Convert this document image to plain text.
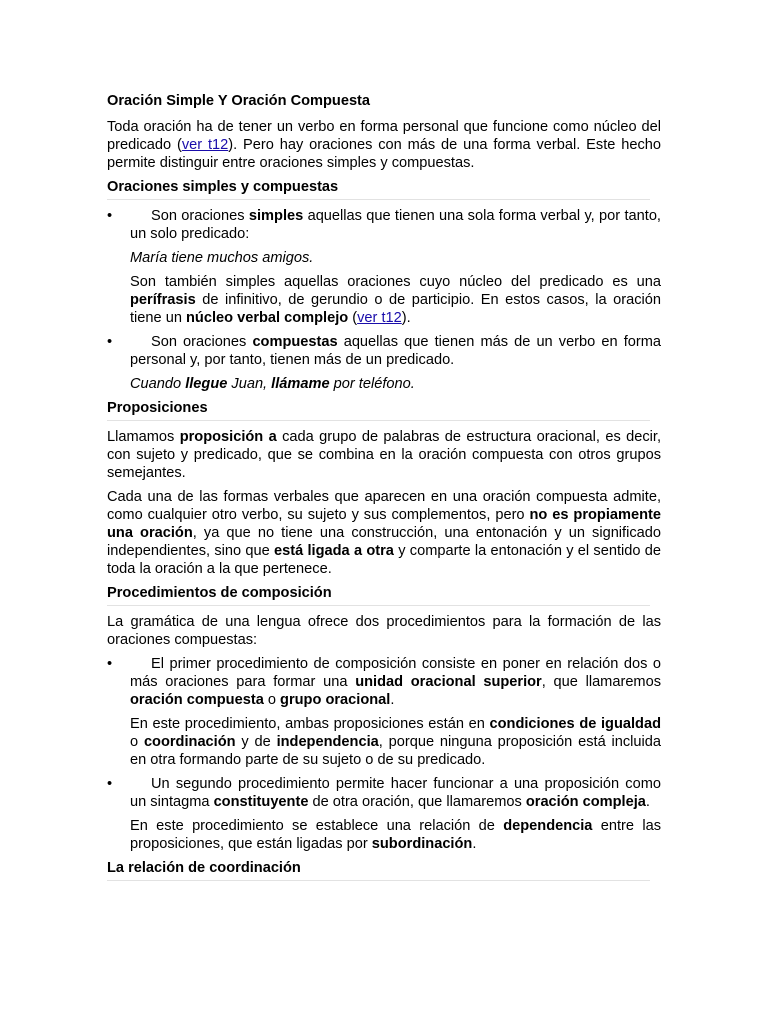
Oración Simple Y Oración Compuesta

Toda oración ha de tener un verbo en forma personal que funcione como núcleo del predicado (ver t12). Pero hay oraciones con más de una forma verbal. Este hecho permite distinguir entre oraciones simples y compuestas.

Oraciones simples y compuestas
•	Son oraciones simples aquellas que tienen una sola forma verbal y, por tanto, un solo predicado:

María tiene muchos amigos.

Son también simples aquellas oraciones cuyo núcleo del predicado es una perífrasis de infinitivo, de gerundio o de participio. En estos casos, la oración tiene un núcleo verbal complejo (ver t12).

•	Son oraciones compuestas aquellas que tienen más de un verbo en forma personal y, por tanto, tienen más de un predicado.

Cuando llegue Juan, llámame por teléfono.

Proposiciones

Llamamos proposición a cada grupo de palabras de estructura oracional, es decir, con sujeto y predicado, que se combina en la oración compuesta con otros grupos semejantes.

Cada una de las formas verbales que aparecen en una oración compuesta admite, como cualquier otro verbo, su sujeto y sus complementos, pero no es propiamente una oración, ya que no tiene una construcción, una entonación y un significado independientes, sino que está ligada a otra y comparte la entonación y el sentido de toda la oración a la que pertenece.

Procedimientos de composición

La gramática de una lengua ofrece dos procedimientos para la formación de las oraciones compuestas:

•	El primer procedimiento de composición consiste en poner en relación dos o más oraciones para formar una unidad oracional superior, que llamaremos oración compuesta o grupo oracional.

En este procedimiento, ambas proposiciones están en condiciones de igualdad o coordinación y de independencia, porque ninguna proposición está incluida en otra formando parte de su sujeto o de su predicado.

•	Un segundo procedimiento permite hacer funcionar a una proposición como un sintagma constituyente de otra oración, que llamaremos oración compleja.

En este procedimiento se establece una relación de dependencia entre las proposiciones, que están ligadas por subordinación.

La relación de coordinación
